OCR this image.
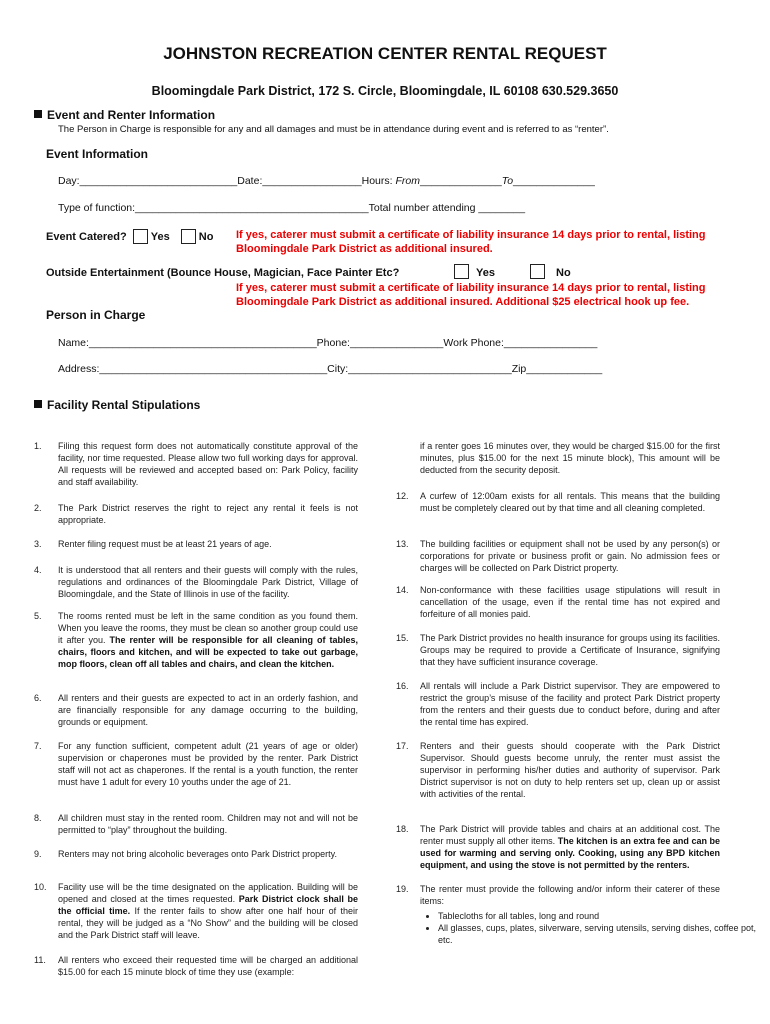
JOHNSTON RECREATION CENTER RENTAL REQUEST
Bloomingdale Park District, 172 S. Circle, Bloomingdale, IL 60108 630.529.3650
Event and Renter Information
The Person in Charge is responsible for any and all damages and must be in attendance during event and is referred to as “renter”.
Event Information
Day:___________________________Date:_________________Hours: From______________To______________
Type of function:________________________________________Total number attending ________
Event Catered? Yes	No If yes, caterer must submit a certificate of liability insurance 14 days prior to rental, listing Bloomingdale Park District as additional insured.
Outside Entertainment (Bounce House, Magician, Face Painter Etc?	Yes	No
If yes, caterer must submit a certificate of liability insurance 14 days prior to rental, listing Bloomingdale Park District as additional insured. Additional $25 electrical hook up fee.
Person in Charge
Name:_______________________________________Phone:________________Work Phone:________________
Address:_______________________________________City:____________________________Zip_____________
Facility Rental Stipulations
1. Filing this request form does not automatically constitute approval of the facility, nor time requested. Please allow two full working days for approval. All requests will be reviewed and accepted based on: Park Policy, facility and staff availability.
2. The Park District reserves the right to reject any rental it feels is not appropriate.
3. Renter filing request must be at least 21 years of age.
4. It is understood that all renters and their guests will comply with the rules, regulations and ordinances of the Bloomingdale Park District, Village of Bloomingdale, and the State of Illinois in use of the facility.
5. The rooms rented must be left in the same condition as you found them. When you leave the rooms, they must be clean so another group could use it after you. The renter will be responsible for all cleaning of tables, chairs, floors and kitchen, and will be expected to take out garbage, mop floors, clean off all tables and chairs, and clean the kitchen.
6. All renters and their guests are expected to act in an orderly fashion, and are financially responsible for any damage occurring to the building, grounds or equipment.
7. For any function sufficient, competent adult (21 years of age or older) supervision or chaperones must be provided by the renter. Park District staff will not act as chaperones. If the rental is a youth function, the renter must have 1 adult for every 10 youths under the age of 21.
8. All children must stay in the rented room. Children may not and will not be permitted to “play” throughout the building.
9. Renters may not bring alcoholic beverages onto Park District property.
10. Facility use will be the time designated on the application. Building will be opened and closed at the times requested. Park District clock shall be the official time. If the renter fails to show after one half hour of their rental, they will be judged as a “No Show” and the building will be closed and the Park District staff will leave.
11. All renters who exceed their requested time will be charged an additional $15.00 for each 15 minute block of time they use (example:
if a renter goes 16 minutes over, they would be charged $15.00 for the first minutes, plus $15.00 for the next 15 minute block), This amount will be deducted from the security deposit.
12. A curfew of 12:00am exists for all rentals. This means that the building must be completely cleared out by that time and all cleaning completed.
13. The building facilities or equipment shall not be used by any person(s) or corporations for private or business profit or gain. No admission fees or charges will be collected on Park District property.
14. Non-conformance with these facilities usage stipulations will result in cancellation of the usage, even if the rental time has not expired and forfeiture of all monies paid.
15. The Park District provides no health insurance for groups using its facilities. Groups may be required to provide a Certificate of Insurance, signifying that they have sufficient insurance coverage.
16. All rentals will include a Park District supervisor. They are empowered to restrict the group’s misuse of the facility and protect Park District property from the renters and their guests due to conduct before, during and after the rental time has expired.
17. Renters and their guests should cooperate with the Park District Supervisor. Should guests become unruly, the renter must assist the supervisor in performing his/her duties and authority of supervisor. Park District supervisor is not on duty to help renters set up, clean up or assist with activities of the rental.
18. The Park District will provide tables and chairs at an additional cost. The renter must supply all other items. The kitchen is an extra fee and can be used for warming and serving only. Cooking, using any BPD kitchen equipment, and using the stove is not permitted by the renters.
19. The renter must provide the following and/or inform their caterer of these items:
• Tablecloths for all tables, long and round
• All glasses, cups, plates, silverware, serving utensils, serving dishes, coffee pot, etc.
